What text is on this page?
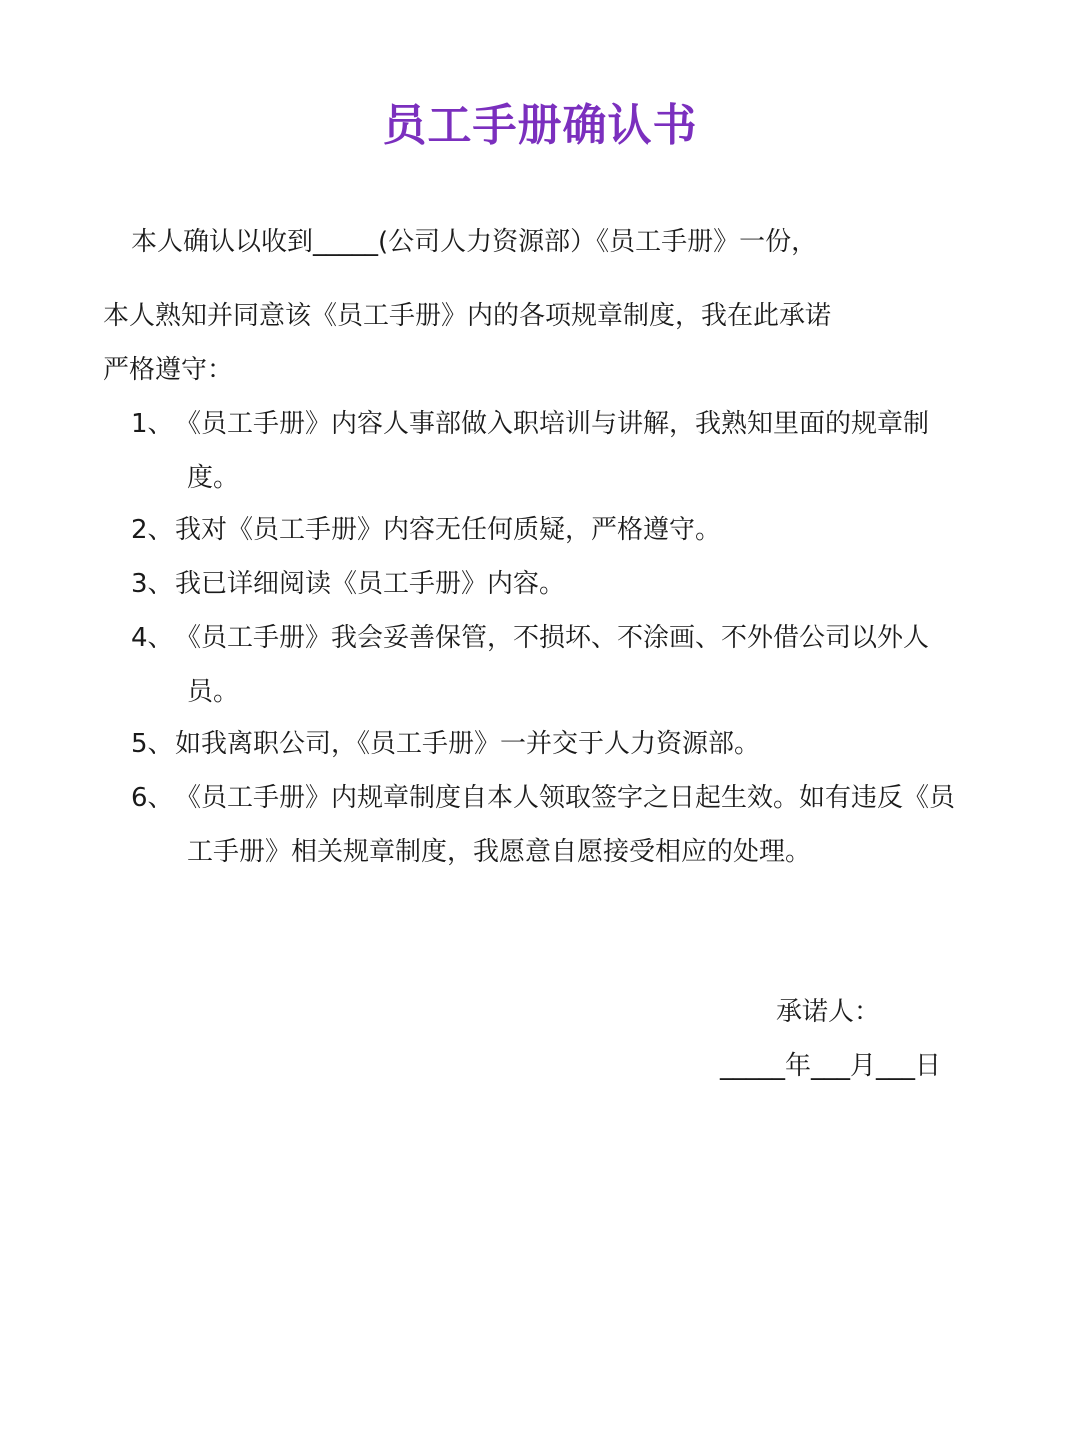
员工手册确认书
本人确认以收到_____(公司人力资源部）《员工手册》一份，
本人熟知并同意该《员工手册》内的各项规章制度，我在此承诺
严格遵守：
1、 《员工手册》内容人事部做入职培训与讲解，我熟知里面的规章制
度。
2、 我对《员工手册》内容无任何质疑，严格遵守。
3、 我已详细阅读《员工手册》内容。
4、 《员工手册》我会妥善保管，不损坏、不涂画、不外借公司以外人
员。
5、 如我离职公司，《员工手册》一并交于人力资源部。
6、 《员工手册》内规章制度自本人领取签字之日起生效。如有违反《员
工手册》相关规章制度，我愿意自愿接受相应的处理。
承诺人：
_____年___月___日
